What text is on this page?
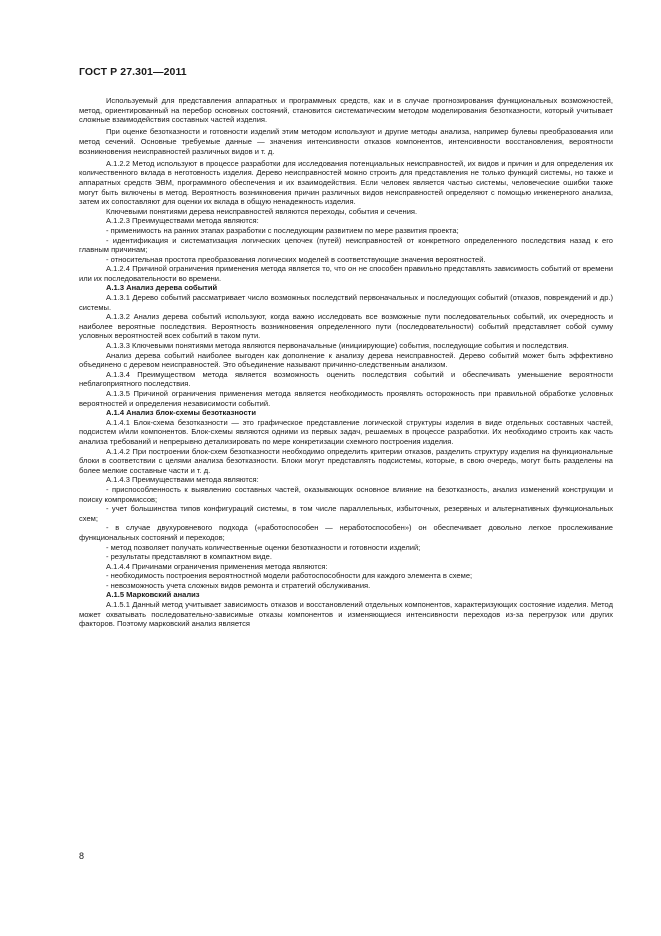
ГОСТ Р 27.301—2011

Используемый для представления аппаратных и программных средств, как и в случае прогнозирования функциональных возможностей, метод, ориентированный на перебор основных состояний, становится систематическим методом моделирования безотказности, который учитывает сложные взаимодействия составных частей изделия.

При оценке безотказности и готовности изделий этим методом используют и другие методы анализа, например булевы преобразования или метод сечений. Основные требуемые данные — значения интенсивности отказов компонентов, интенсивности восстановления, вероятности возникновения неисправностей различных видов и т. д.

А.1.2.2 Метод используют в процессе разработки для исследования потенциальных неисправностей, их видов и причин и для определения их количественного вклада в неготовность изделия. Дерево неисправностей можно строить для представления не только функций системы, но также и аппаратных средств ЭВМ, программного обеспечения и их взаимодействия. Если человек является частью системы, человеческие ошибки также могут быть включены в метод. Вероятность возникновения причин различных видов неисправностей определяют с помощью инженерного анализа, затем их сопоставляют для оценки их вклада в общую ненадежность изделия.

Ключевыми понятиями дерева неисправностей являются переходы, события и сечения.

А.1.2.3 Преимуществами метода являются:

- применимость на ранних этапах разработки с последующим развитием по мере развития проекта;

- идентификация и систематизация логических цепочек (путей) неисправностей от конкретного определенного последствия назад к его главным причинам;

- относительная простота преобразования логических моделей в соответствующие значения вероятностей.

А.1.2.4 Причиной ограничения применения метода является то, что он не способен правильно представлять зависимость событий от времени или их последовательности во времени.

А.1.3 Анализ дерева событий

А.1.3.1 Дерево событий рассматривает число возможных последствий первоначальных и последующих событий (отказов, повреждений и др.) системы.

А.1.3.2 Анализ дерева событий используют, когда важно исследовать все возможные пути последовательных событий, их очередность и наиболее вероятные последствия. Вероятность возникновения определенного пути (последовательности) событий представляет собой сумму условных вероятностей всех событий в таком пути.

А.1.3.3 Ключевыми понятиями метода являются первоначальные (инициирующие) события, последующие события и последствия.

Анализ дерева событий наиболее выгоден как дополнение к анализу дерева неисправностей. Дерево событий может быть эффективно объединено с деревом неисправностей. Это объединение называют причинно-следственным анализом.

А.1.3.4 Преимуществом метода является возможность оценить последствия событий и обеспечивать уменьшение вероятности неблагоприятного последствия.

А.1.3.5 Причиной ограничения применения метода является необходимость проявлять осторожность при правильной обработке условных вероятностей и определения независимости событий.

А.1.4 Анализ блок-схемы безотказности

А.1.4.1 Блок-схема безотказности — это графическое представление логической структуры изделия в виде отдельных составных частей, подсистем и/или компонентов. Блок-схемы являются одними из первых задач, решаемых в процессе разработки. Их необходимо строить как часть анализа требований и непрерывно детализировать по мере конкретизации схемного построения изделия.

А.1.4.2 При построении блок-схем безотказности необходимо определить критерии отказов, разделить структуру изделия на функциональные блоки в соответствии с целями анализа безотказности. Блоки могут представлять подсистемы, которые, в свою очередь, могут быть разделены на более мелкие составные части и т. д.

А.1.4.3 Преимуществами метода являются:

- приспособленность к выявлению составных частей, оказывающих основное влияние на безотказность, анализ изменений конструкции и поиску компромиссов;

- учет большинства типов конфигураций системы, в том числе параллельных, избыточных, резервных и альтернативных функциональных схем;

- в случае двухуровневого подхода («работоспособен — неработоспособен») он обеспечивает довольно легкое прослеживание функциональных состояний и переходов;

- метод позволяет получать количественные оценки безотказности и готовности изделий;

- результаты представляют в компактном виде.

А.1.4.4 Причинами ограничения применения метода являются:

- необходимость построения вероятностной модели работоспособности для каждого элемента в схеме;

- невозможность учета сложных видов ремонта и стратегий обслуживания.

А.1.5 Марковский анализ

А.1.5.1 Данный метод учитывает зависимость отказов и восстановлений отдельных компонентов, характеризующих состояние изделия. Метод может охватывать последовательно-зависимые отказы компонентов и изменяющиеся интенсивности переходов из-за перегрузок или других факторов. Поэтому марковский анализ является

8
